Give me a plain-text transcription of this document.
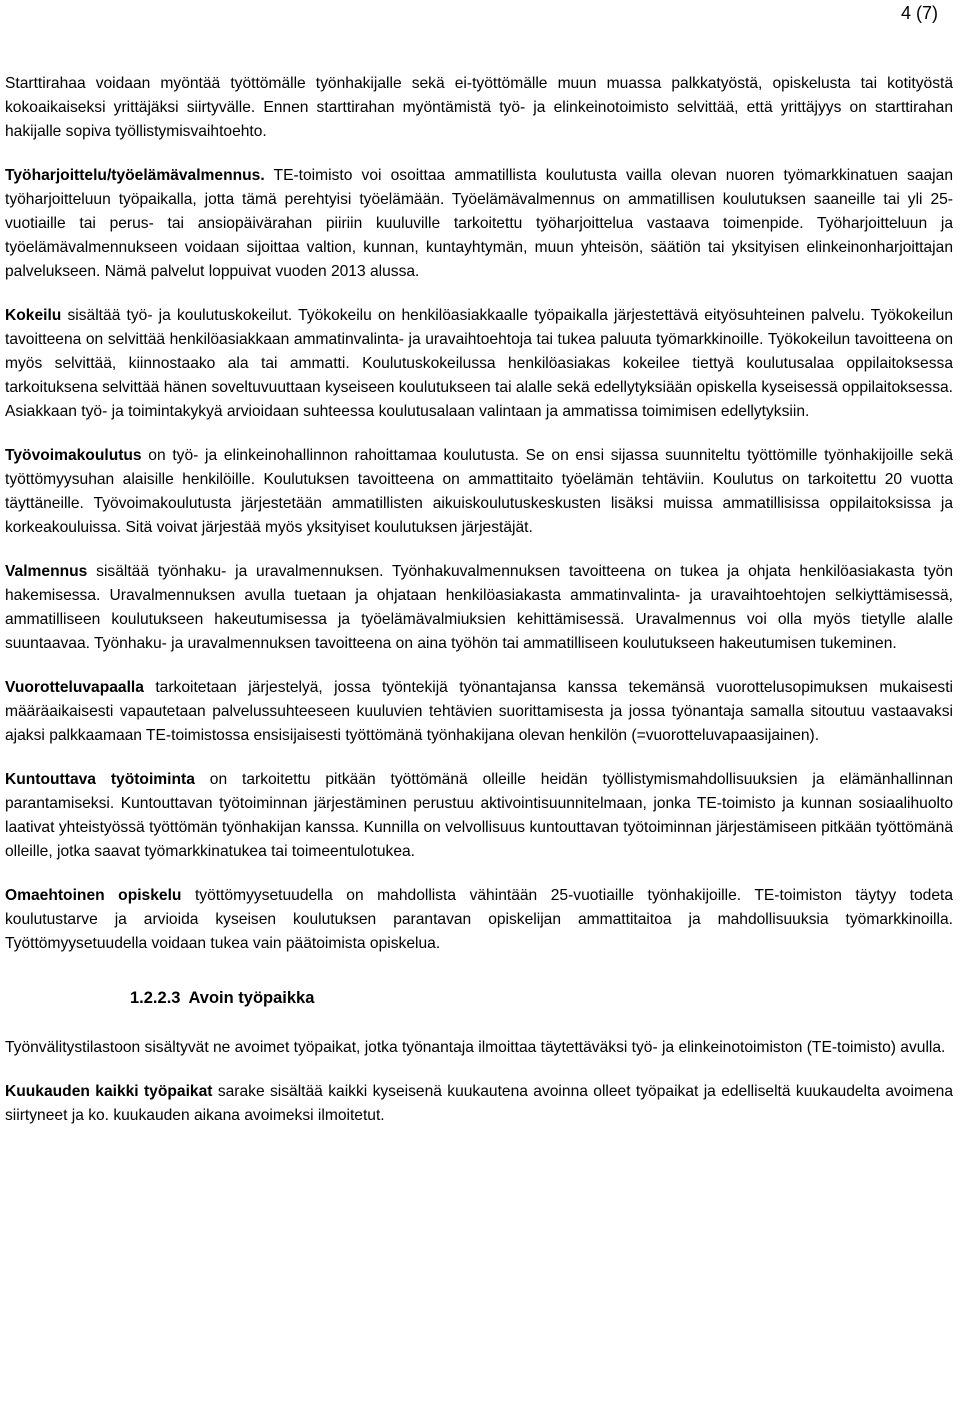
4 (7)

Starttirahaa voidaan myöntää työttömälle työnhakijalle sekä ei-työttömälle muun muassa palkkatyöstä, opiskelusta tai kotityöstä kokoaikaiseksi yrittäjäksi siirtyvälle. Ennen starttirahan myöntämistä työ- ja elinkeinotoimisto selvittää, että yrittäjyys on starttirahan hakijalle sopiva työllistymisvaihtoehto.

Työharjoittelu/työelämävalmennus. TE-toimisto voi osoittaa ammatillista koulutusta vailla olevan nuoren työmarkkinatuen saajan työharjoitteluun työpaikalla, jotta tämä perehtyisi työelämään. Työelämävalmennus on ammatillisen koulutuksen saaneille tai yli 25-vuotiaille tai perus- tai ansiopäivärahan piiriin kuuluville tarkoitettu työharjoittelua vastaava toimenpide. Työharjoitteluun ja työelämävalmennukseen voidaan sijoittaa valtion, kunnan, kuntayhtymän, muun yhteisön, säätiön tai yksityisen elinkeinonharjoittajan palvelukseen. Nämä palvelut loppuivat vuoden 2013 alussa.

Kokeilu sisältää työ- ja koulutuskokeilut. Työkokeilu on henkilöasiakkaalle työpaikalla järjestettävä eityösuhteinen palvelu. Työkokeilun tavoitteena on selvittää henkilöasiakkaan ammatinvalinta- ja uravaihtoehtoja tai tukea paluuta työmarkkinoille. Työkokeilun tavoitteena on myös selvittää, kiinnostaako ala tai ammatti. Koulutuskokeilussa henkilöasiakas kokeilee tiettyä koulutusalaa oppilaitoksessa tarkoituksena selvittää hänen soveltuvuuttaan kyseiseen koulutukseen tai alalle sekä edellytyksiään opiskella kyseisessä oppilaitoksessa. Asiakkaan työ- ja toimintakykyä arvioidaan suhteessa koulutusalaan valintaan ja ammatissa toimimisen edellytyksiin.

Työvoimakoulutus on työ- ja elinkeinohallinnon rahoittamaa koulutusta. Se on ensi sijassa suunniteltu työttömille työnhakijoille sekä työttömyysuhan alaisille henkilöille. Koulutuksen tavoitteena on ammattitaito työelämän tehtäviin. Koulutus on tarkoitettu 20 vuotta täyttäneille. Työvoimakoulutusta järjestetään ammatillisten aikuiskoulutuskeskusten lisäksi muissa ammatillisissa oppilaitoksissa ja korkeakouluissa. Sitä voivat järjestää myös yksityiset koulutuksen järjestäjät.

Valmennus sisältää työnhaku- ja uravalmennuksen. Työnhakuvalmennuksen tavoitteena on tukea ja ohjata henkilöasiakasta työn hakemisessa. Uravalmennuksen avulla tuetaan ja ohjataan henkilöasiakasta ammatinvalinta- ja uravaihtoehtojen selkiyttämisessä, ammatilliseen koulutukseen hakeutumisessa ja työelämävalmiuksien kehittämisessä. Uravalmennus voi olla myös tietylle alalle suuntaavaa. Työnhaku- ja uravalmennuksen tavoitteena on aina työhön tai ammatilliseen koulutukseen hakeutumisen tukeminen.

Vuorotteluvapaalla tarkoitetaan järjestelyä, jossa työntekijä työnantajansa kanssa tekemänsä vuorottelusopimuksen mukaisesti määräaikaisesti vapautetaan palvelussuhteeseen kuuluvien tehtävien suorittamisesta ja jossa työnantaja samalla sitoutuu vastaavaksi ajaksi palkkaamaan TE-toimistossa ensisijaisesti työttömänä työnhakijana olevan henkilön (=vuorotteluvapaasijainen).

Kuntouttava työtoiminta on tarkoitettu pitkään työttömänä olleille heidän työllistymismahdollisuuksien ja elämänhallinnan parantamiseksi. Kuntouttavan työtoiminnan järjestäminen perustuu aktivointisuunnitelmaan, jonka TE-toimisto ja kunnan sosiaalihuolto laativat yhteistyössä työttömän työnhakijan kanssa. Kunnilla on velvollisuus kuntouttavan työtoiminnan järjestämiseen pitkään työttömänä olleille, jotka saavat työmarkkinatukea tai toimeentulotukea.

Omaehtoinen opiskelu työttömyysetuudella on mahdollista vähintään 25-vuotiaille työnhakijoille. TE-toimiston täytyy todeta koulutustarve ja arvioida kyseisen koulutuksen parantavan opiskelijan ammattitaitoa ja mahdollisuuksia työmarkkinoilla. Työttömyysetuudella voidaan tukea vain päätoimista opiskelua.

1.2.2.3 Avoin työpaikka

Työnvälitystilastoon sisältyvät ne avoimet työpaikat, jotka työnantaja ilmoittaa täytettäväksi työ- ja elinkeinotoimiston (TE-toimisto) avulla.

Kuukauden kaikki työpaikat sarake sisältää kaikki kyseisenä kuukautena avoinna olleet työpaikat ja edelliseltä kuukaudelta avoimena siirtyneet ja ko. kuukauden aikana avoimeksi ilmoitetut.
